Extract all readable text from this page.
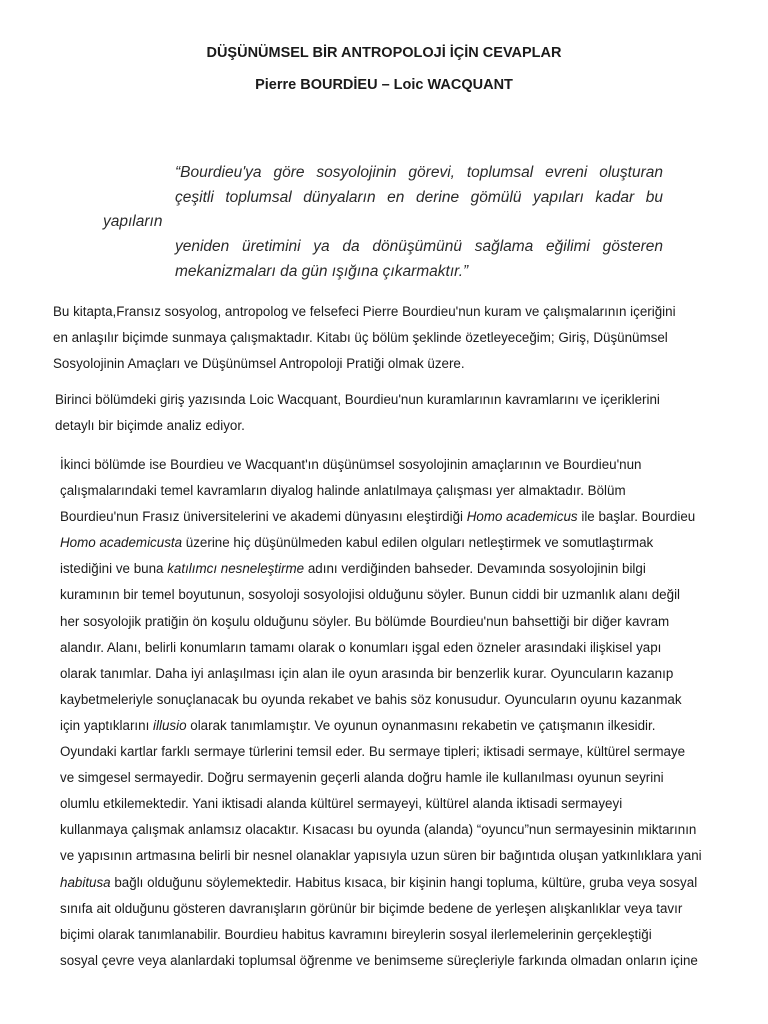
DÜŞÜNÜMSEL BİR ANTROPOLOJİ İÇİN CEVAPLAR
Pierre BOURDİEU – Loic WACQUANT

“Bourdieu'ya göre sosyolojinin görevi, toplumsal evreni oluşturan
çeşitli toplumsal dünyaların en derine gömülü yapıları kadar bu yapıların
yeniden üretimini ya da dönüşümünü sağlama eğilimi gösteren
mekanizmaları da gün ışığına çıkarmaktır.”

Bu kitapta,Fransız sosyolog, antropolog ve felsefeci Pierre Bourdieu'nun kuram ve çalışmalarının içeriğini
en anlaşılır biçimde sunmaya çalışmaktadır. Kitabı üç bölüm şeklinde özetleyeceğim; Giriş, Düşünümsel
Sosyolojinin Amaçları ve Düşünümsel Antropoloji Pratiği olmak üzere.

Birinci bölümdeki giriş yazısında Loic Wacquant, Bourdieu'nun kuramlarının kavramlarını ve içeriklerini
detaylı bir biçimde analiz ediyor.

İkinci bölümde ise Bourdieu ve Wacquant'ın düşünümsel sosyolojinin amaçlarının ve Bourdieu'nun
çalışmalarındaki temel kavramların diyalog halinde anlatılmaya çalışması yer almaktadır. Bölüm
Bourdieu'nun Frasız üniversitelerini ve akademi dünyasını eleştirdiği Homo academicus ile başlar. Bourdieu
Homo academicusta üzerine hiç düşünülmeden kabul edilen olguları netleştirmek ve somutlaştırmak
istediğini ve buna katılımcı nesneleştirme adını verdiğinden bahseder. Devamında sosyolojinin bilgi
kuramının bir temel boyutunun, sosyoloji sosyolojisi olduğunu söyler. Bunun ciddi bir uzmanlık alanı değil
her sosyolojik pratiğin ön koşulu olduğunu söyler. Bu bölümde Bourdieu'nun bahsettiği bir diğer kavram
alandır. Alanı, belirli konumların tamamı olarak o konumları işgal eden özneler arasındaki ilişkisel yapı
olarak tanımlar. Daha iyi anlaşılması için alan ile oyun arasında bir benzerlik kurar. Oyuncuların kazanıp
kaybetmeleriyle sonuçlanacak bu oyunda rekabet ve bahis söz konusudur. Oyuncuların oyunu kazanmak
için yaptıklarını illusio olarak tanımlamıştır. Ve oyunun oynanmasını rekabetin ve çatışmanın ilkesidir.
Oyundaki kartlar farklı sermaye türlerini temsil eder. Bu sermaye tipleri; iktisadi sermaye, kültürel sermaye
ve simgesel sermayedir. Doğru sermayenin geçerli alanda doğru hamle ile kullanılması oyunun seyrini
olumlu etkilemektedir. Yani iktisadi alanda kültürel sermayeyi, kültürel alanda iktisadi sermayeyi
kullanmaya çalışmak anlamsız olacaktır. Kısacası bu oyunda (alanda) “oyuncu”nun sermayesinin miktarının
ve yapısının artmasına belirli bir nesnel olanaklar yapısıyla uzun süren bir bağıntıda oluşan yatkınlıklara yani
habitusa bağlı olduğunu söylemektedir. Habitus kısaca, bir kişinin hangi topluma, kültüre, gruba veya sosyal
sınıfa ait olduğunu gösteren davranışların görünür bir biçimde bedene de yerleşen alışkanlıklar veya tavır
biçimi olarak tanımlanabilir. Bourdieu habitus kavramını bireylerin sosyal ilerlemelerinin gerçekleştiği
sosyal çevre veya alanlardaki toplumsal öğrenme ve benimseme süreçleriyle farkında olmadan onların içine
